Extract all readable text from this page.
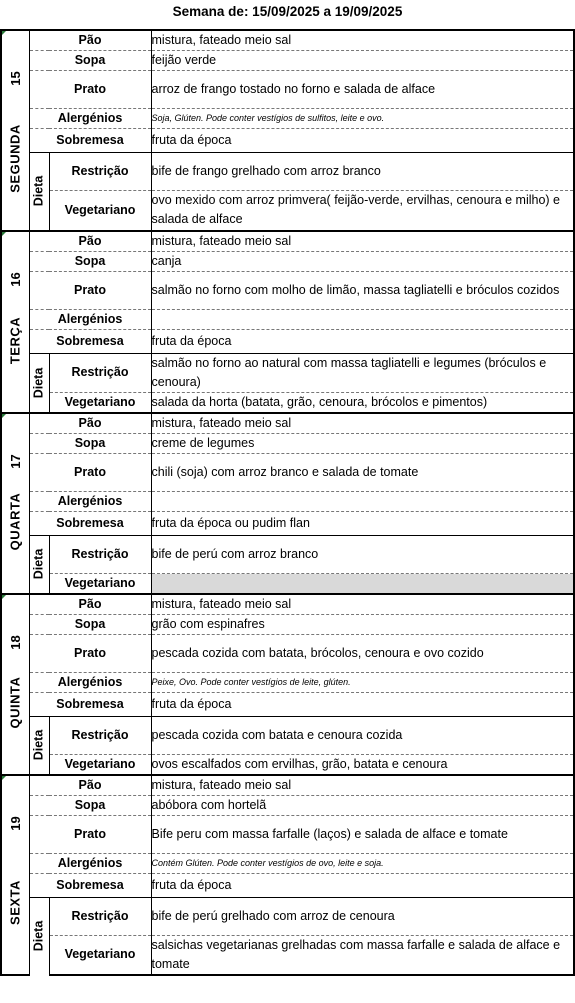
Semana de: 15/09/2025 a 19/09/2025
15
SEGUNDA	Pão		mistura, fateado meio sal
	Sopa		feijão verde
	Prato		arroz de frango tostado no forno e salada de alface
	Alergénios		Soja, Glúten. Pode conter vestígios de sulfitos, leite e ovo.
	Sobremesa		fruta da época

	Dieta	Restrição	bife de frango grelhado com arroz branco
		Vegetariano	ovo mexido com arroz primvera( feijão-verde, ervilhas, cenoura e milho) e salada de alface

16
TERÇA	Pão		mistura, fateado meio sal
	Sopa		canja
	Prato		salmão no forno com molho de limão, massa tagliatelli e bróculos cozidos
	Alergénios		
	Sobremesa		fruta da época

	Dieta	Restrição	salmão no forno ao natural com massa tagliatelli e legumes (bróculos e cenoura)
		Vegetariano	salada da horta (batata, grão, cenoura, brócolos e pimentos)

17
QUARTA	Pão		mistura, fateado meio sal
	Sopa		creme de legumes
	Prato		chili (soja) com arroz branco e salada de tomate
	Alergénios		
	Sobremesa		fruta da época ou pudim flan

	Dieta	Restrição	bife de perú com arroz branco
		Vegetariano	

18
QUINTA	Pão		mistura, fateado meio sal
	Sopa		grão com espinafres
	Prato		pescada cozida com batata, brócolos, cenoura e ovo cozido
	Alergénios		Peixe, Ovo. Pode conter vestígios de leite, glúten.
	Sobremesa		fruta da época

	Dieta	Restrição	pescada cozida com batata e cenoura cozida
		Vegetariano	ovos escalfados com ervilhas, grão, batata e cenoura

19
SEXTA	Pão		mistura, fateado meio sal
	Sopa		abóbora com hortelã
	Prato		Bife peru com massa farfalle (laços) e salada de alface e tomate
	Alergénios		Contém Glúten. Pode conter vestígios de ovo, leite e soja.
	Sobremesa		fruta da época

	Dieta	Restrição	bife de perú grelhado com arroz de cenoura
		Vegetariano	salsichas vegetarianas grelhadas com massa farfalle e salada de alface e tomate
